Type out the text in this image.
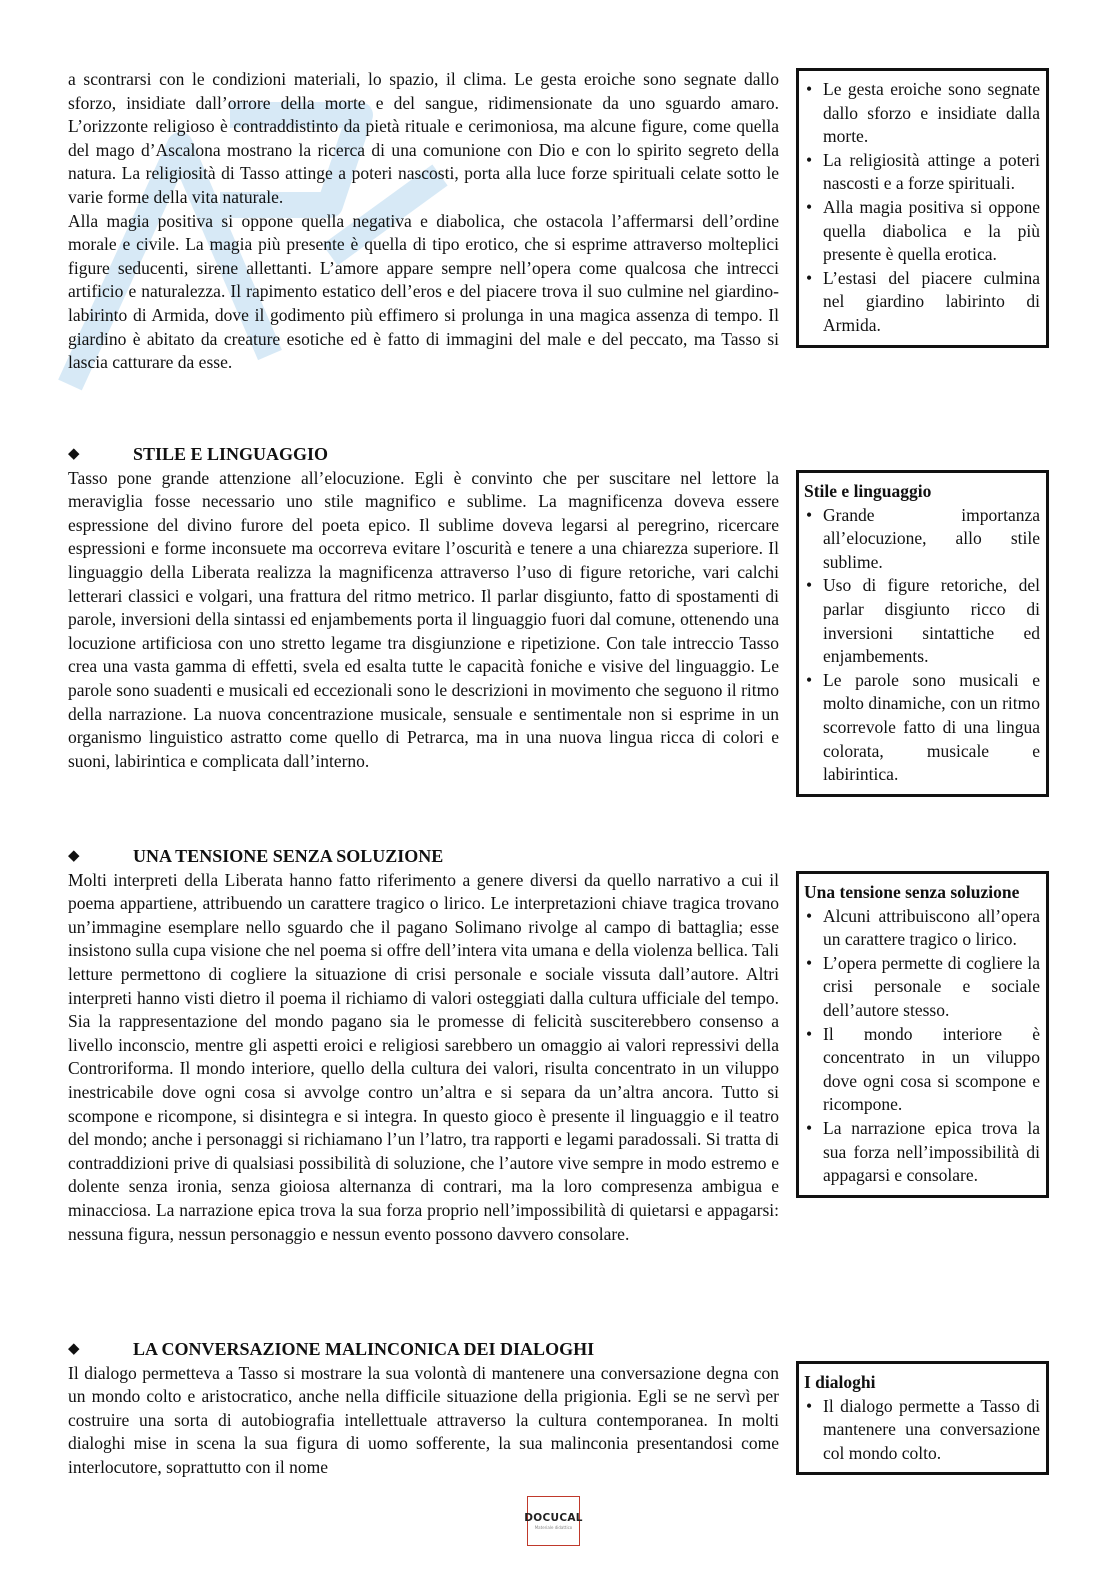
a scontrarsi con le condizioni materiali, lo spazio, il clima. Le gesta eroiche sono segnate dallo sforzo, insidiate dall’orrore della morte e del sangue, ridimensionate da uno sguardo amaro. L’orizzonte religioso è contraddistinto da pietà rituale e cerimoniosa, ma alcune figure, come quella del mago d’Ascalona mostrano la ricerca di una comunione con Dio e con lo spirito segreto della natura. La religiosità di Tasso attinge a poteri nascosti, porta alla luce forze spirituali celate sotto le varie forme della vita naturale.

Alla magia positiva si oppone quella negativa e diabolica, che ostacola l’affermarsi dell’ordine morale e civile. La magia più presente è quella di tipo erotico, che si esprime attraverso molteplici figure seducenti, sirene allettanti. L’amore appare sempre nell’opera come qualcosa che intrecci artificio e naturalezza. Il rapimento estatico dell’eros e del piacere trova il suo culmine nel giardino-labirinto di Armida, dove il godimento più effimero si prolunga in una magica assenza di tempo. Il giardino è abitato da creature esotiche ed è fatto di immagini del male e del peccato, ma Tasso si lascia catturare da esse.

• Le gesta eroiche sono segnate dallo sforzo e insidiate dalla morte.
• La religiosità attinge a poteri nascosti e a forze spirituali.
• Alla magia positiva si oppone quella diabolica e la più presente è quella erotica.
• L’estasi del piacere culmina nel giardino labirinto di Armida.
◆	STILE E LINGUAGGIO

Tasso pone grande attenzione all’elocuzione. Egli è convinto che per suscitare nel lettore la meraviglia fosse necessario uno stile magnifico e sublime. La magnificenza doveva essere espressione del divino furore del poeta epico. Il sublime doveva legarsi al peregrino, ricercare espressioni e forme inconsuete ma occorreva evitare l’oscurità e tenere a una chiarezza superiore. Il linguaggio della Liberata realizza la magnificenza attraverso l’uso di figure retoriche, vari calchi letterari classici e volgari, una frattura del ritmo metrico. Il parlar disgiunto, fatto di spostamenti di parole, inversioni della sintassi ed enjambements porta il linguaggio fuori dal comune, ottenendo una locuzione artificiosa con uno stretto legame tra disgiunzione e ripetizione. Con tale intreccio Tasso crea una vasta gamma di effetti, svela ed esalta tutte le capacità foniche e visive del linguaggio. Le parole sono suadenti e musicali ed eccezionali sono le descrizioni in movimento che seguono il ritmo della narrazione. La nuova concentrazione musicale, sensuale e sentimentale non si esprime in un organismo linguistico astratto come quello di Petrarca, ma in una nuova lingua ricca di colori e suoni, labirintica e complicata dall’interno.

Stile e linguaggio
• Grande importanza all’elocuzione, allo stile sublime.
• Uso di figure retoriche, del parlar disgiunto ricco di inversioni sintattiche ed enjambements.
• Le parole sono musicali e molto dinamiche, con un ritmo scorrevole fatto di una lingua colorata, musicale e labirintica.
◆	UNA TENSIONE SENZA SOLUZIONE

Molti interpreti della Liberata hanno fatto riferimento a genere diversi da quello narrativo a cui il poema appartiene, attribuendo un carattere tragico o lirico. Le interpretazioni chiave tragica trovano un’immagine esemplare nello sguardo che il pagano Solimano rivolge al campo di battaglia; esse insistono sulla cupa visione che nel poema si offre dell’intera vita umana e della violenza bellica. Tali letture permettono di cogliere la situazione di crisi personale e sociale vissuta dall’autore. Altri interpreti hanno visti dietro il poema il richiamo di valori osteggiati dalla cultura ufficiale del tempo. Sia la rappresentazione del mondo pagano sia le promesse di felicità susciterebbero consenso a livello inconscio, mentre gli aspetti eroici e religiosi sarebbero un omaggio ai valori repressivi della Controriforma. Il mondo interiore, quello della cultura dei valori, risulta concentrato in un viluppo inestricabile dove ogni cosa si avvolge contro un’altra e si separa da un’altra ancora. Tutto si scompone e ricompone, si disintegra e si integra. In questo gioco è presente il linguaggio e il teatro del mondo; anche i personaggi si richiamano l’un l’latro, tra rapporti e legami paradossali. Si tratta di contraddizioni prive di qualsiasi possibilità di soluzione, che l’autore vive sempre in modo estremo e dolente senza ironia, senza gioiosa alternanza di contrari, ma la loro compresenza ambigua e minacciosa. La narrazione epica trova la sua forza proprio nell’impossibilità di quietarsi e appagarsi: nessuna figura, nessun personaggio e nessun evento possono davvero consolare.

Una tensione senza soluzione
• Alcuni attribuiscono all’opera un carattere tragico o lirico.
• L’opera permette di cogliere la crisi personale e sociale dell’autore stesso.
• Il mondo interiore è concentrato in un viluppo dove ogni cosa si scompone e ricompone.
• La narrazione epica trova la sua forza nell’impossibilità di appagarsi e consolare.
◆	LA CONVERSAZIONE MALINCONICA DEI DIALOGHI

Il dialogo permetteva a Tasso si mostrare la sua volontà di mantenere una conversazione degna con un mondo colto e aristocratico, anche nella difficile situazione della prigionia. Egli se ne servì per costruire una sorta di autobiografia intellettuale attraverso la cultura contemporanea. In molti dialoghi mise in scena la sua figura di uomo sofferente, la sua malinconia presentandosi come interlocutore, soprattutto con il nome

I dialoghi
• Il dialogo permette a Tasso di mantenere una conversazione col mondo colto.
DOCUCAL
Materiale didattico
